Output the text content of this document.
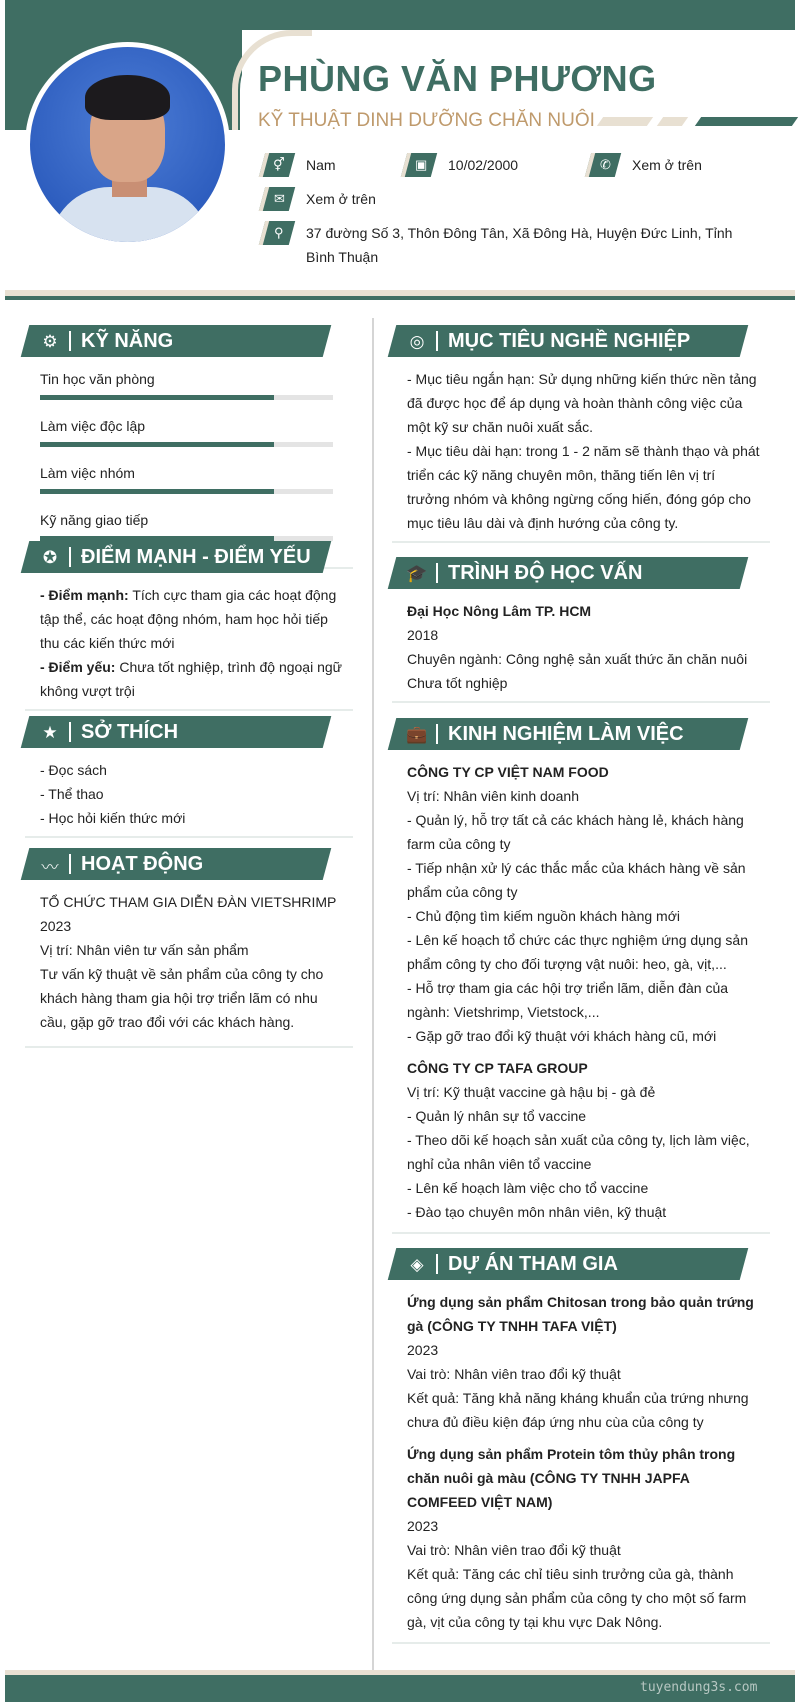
PHÙNG VĂN PHƯƠNG
KỸ THUẬT DINH DƯỠNG CHĂN NUÔI
⚥ Nam	▣ 10/02/2000	✆ Xem ở trên
✉ Xem ở trên
⚲ 37 đường Số 3, Thôn Đông Tân, Xã Đông Hà, Huyện Đức Linh, Tỉnh Bình Thuận
⚙ KỸ NĂNG
Tin học văn phòng
Làm việc độc lập
Làm việc nhóm
Kỹ năng giao tiếp
✪ ĐIỂM MẠNH - ĐIỂM YẾU
- Điểm mạnh: Tích cực tham gia các hoạt động tập thể, các hoạt động nhóm, ham học hỏi tiếp thu các kiến thức mới
- Điểm yếu: Chưa tốt nghiệp, trình độ ngoại ngữ không vượt trội
★ SỞ THÍCH
- Đọc sách
- Thể thao
- Học hỏi kiến thức mới
〰 HOẠT ĐỘNG
TỔ CHỨC THAM GIA DIỄN ĐÀN VIETSHRIMP
2023
Vị trí: Nhân viên tư vấn sản phẩm
Tư vấn kỹ thuật về sản phẩm của công ty cho khách hàng tham gia hội trợ triển lãm có nhu cầu, gặp gỡ trao đổi với các khách hàng.
◎ MỤC TIÊU NGHỀ NGHIỆP
- Mục tiêu ngắn hạn: Sử dụng những kiến thức nền tảng đã được học để áp dụng và hoàn thành công việc của một kỹ sư chăn nuôi xuất sắc.
- Mục tiêu dài hạn: trong 1 - 2 năm sẽ thành thạo và phát triển các kỹ năng chuyên môn, thăng tiến lên vị trí trưởng nhóm và không ngừng cống hiến, đóng góp cho mục tiêu lâu dài và định hướng của công ty.
🎓 TRÌNH ĐỘ HỌC VẤN
Đại Học Nông Lâm TP. HCM
2018
Chuyên ngành: Công nghệ sản xuất thức ăn chăn nuôi
Chưa tốt nghiệp
💼 KINH NGHIỆM LÀM VIỆC
CÔNG TY CP VIỆT NAM FOOD
Vị trí: Nhân viên kinh doanh
- Quản lý, hỗ trợ tất cả các khách hàng lẻ, khách hàng farm của công ty
- Tiếp nhận xử lý các thắc mắc của khách hàng về sản phẩm của công ty
- Chủ động tìm kiếm nguồn khách hàng mới
- Lên kế hoạch tổ chức các thực nghiệm ứng dụng sản phẩm công ty cho đối tượng vật nuôi: heo, gà, vịt,...
- Hỗ trợ tham gia các hội trợ triển lãm, diễn đàn của ngành: Vietshrimp, Vietstock,...
- Gặp gỡ trao đổi kỹ thuật với khách hàng cũ, mới
CÔNG TY CP TAFA GROUP
Vị trí: Kỹ thuật vaccine gà hậu bị - gà đẻ
- Quản lý nhân sự tổ vaccine
- Theo dõi kế hoạch sản xuất của công ty, lịch làm việc, nghỉ của nhân viên tổ vaccine
- Lên kế hoạch làm việc cho tổ vaccine
- Đào tạo chuyên môn nhân viên, kỹ thuật
◈ DỰ ÁN THAM GIA
Ứng dụng sản phẩm Chitosan trong bảo quản trứng gà (CÔNG TY TNHH TAFA VIỆT)
2023
Vai trò: Nhân viên trao đổi kỹ thuật
Kết quả: Tăng khả năng kháng khuẩn của trứng nhưng chưa đủ điều kiện đáp ứng nhu cùa của công ty
Ứng dụng sản phẩm Protein tôm thủy phân trong chăn nuôi gà màu (CÔNG TY TNHH JAPFA COMFEED VIỆT NAM)
2023
Vai trò: Nhân viên trao đổi kỹ thuật
Kết quả: Tăng các chỉ tiêu sinh trưởng của gà, thành công ứng dụng sản phẩm của công ty cho một số farm gà, vịt của công ty tại khu vực Dak Nông.
tuyendung3s.com
